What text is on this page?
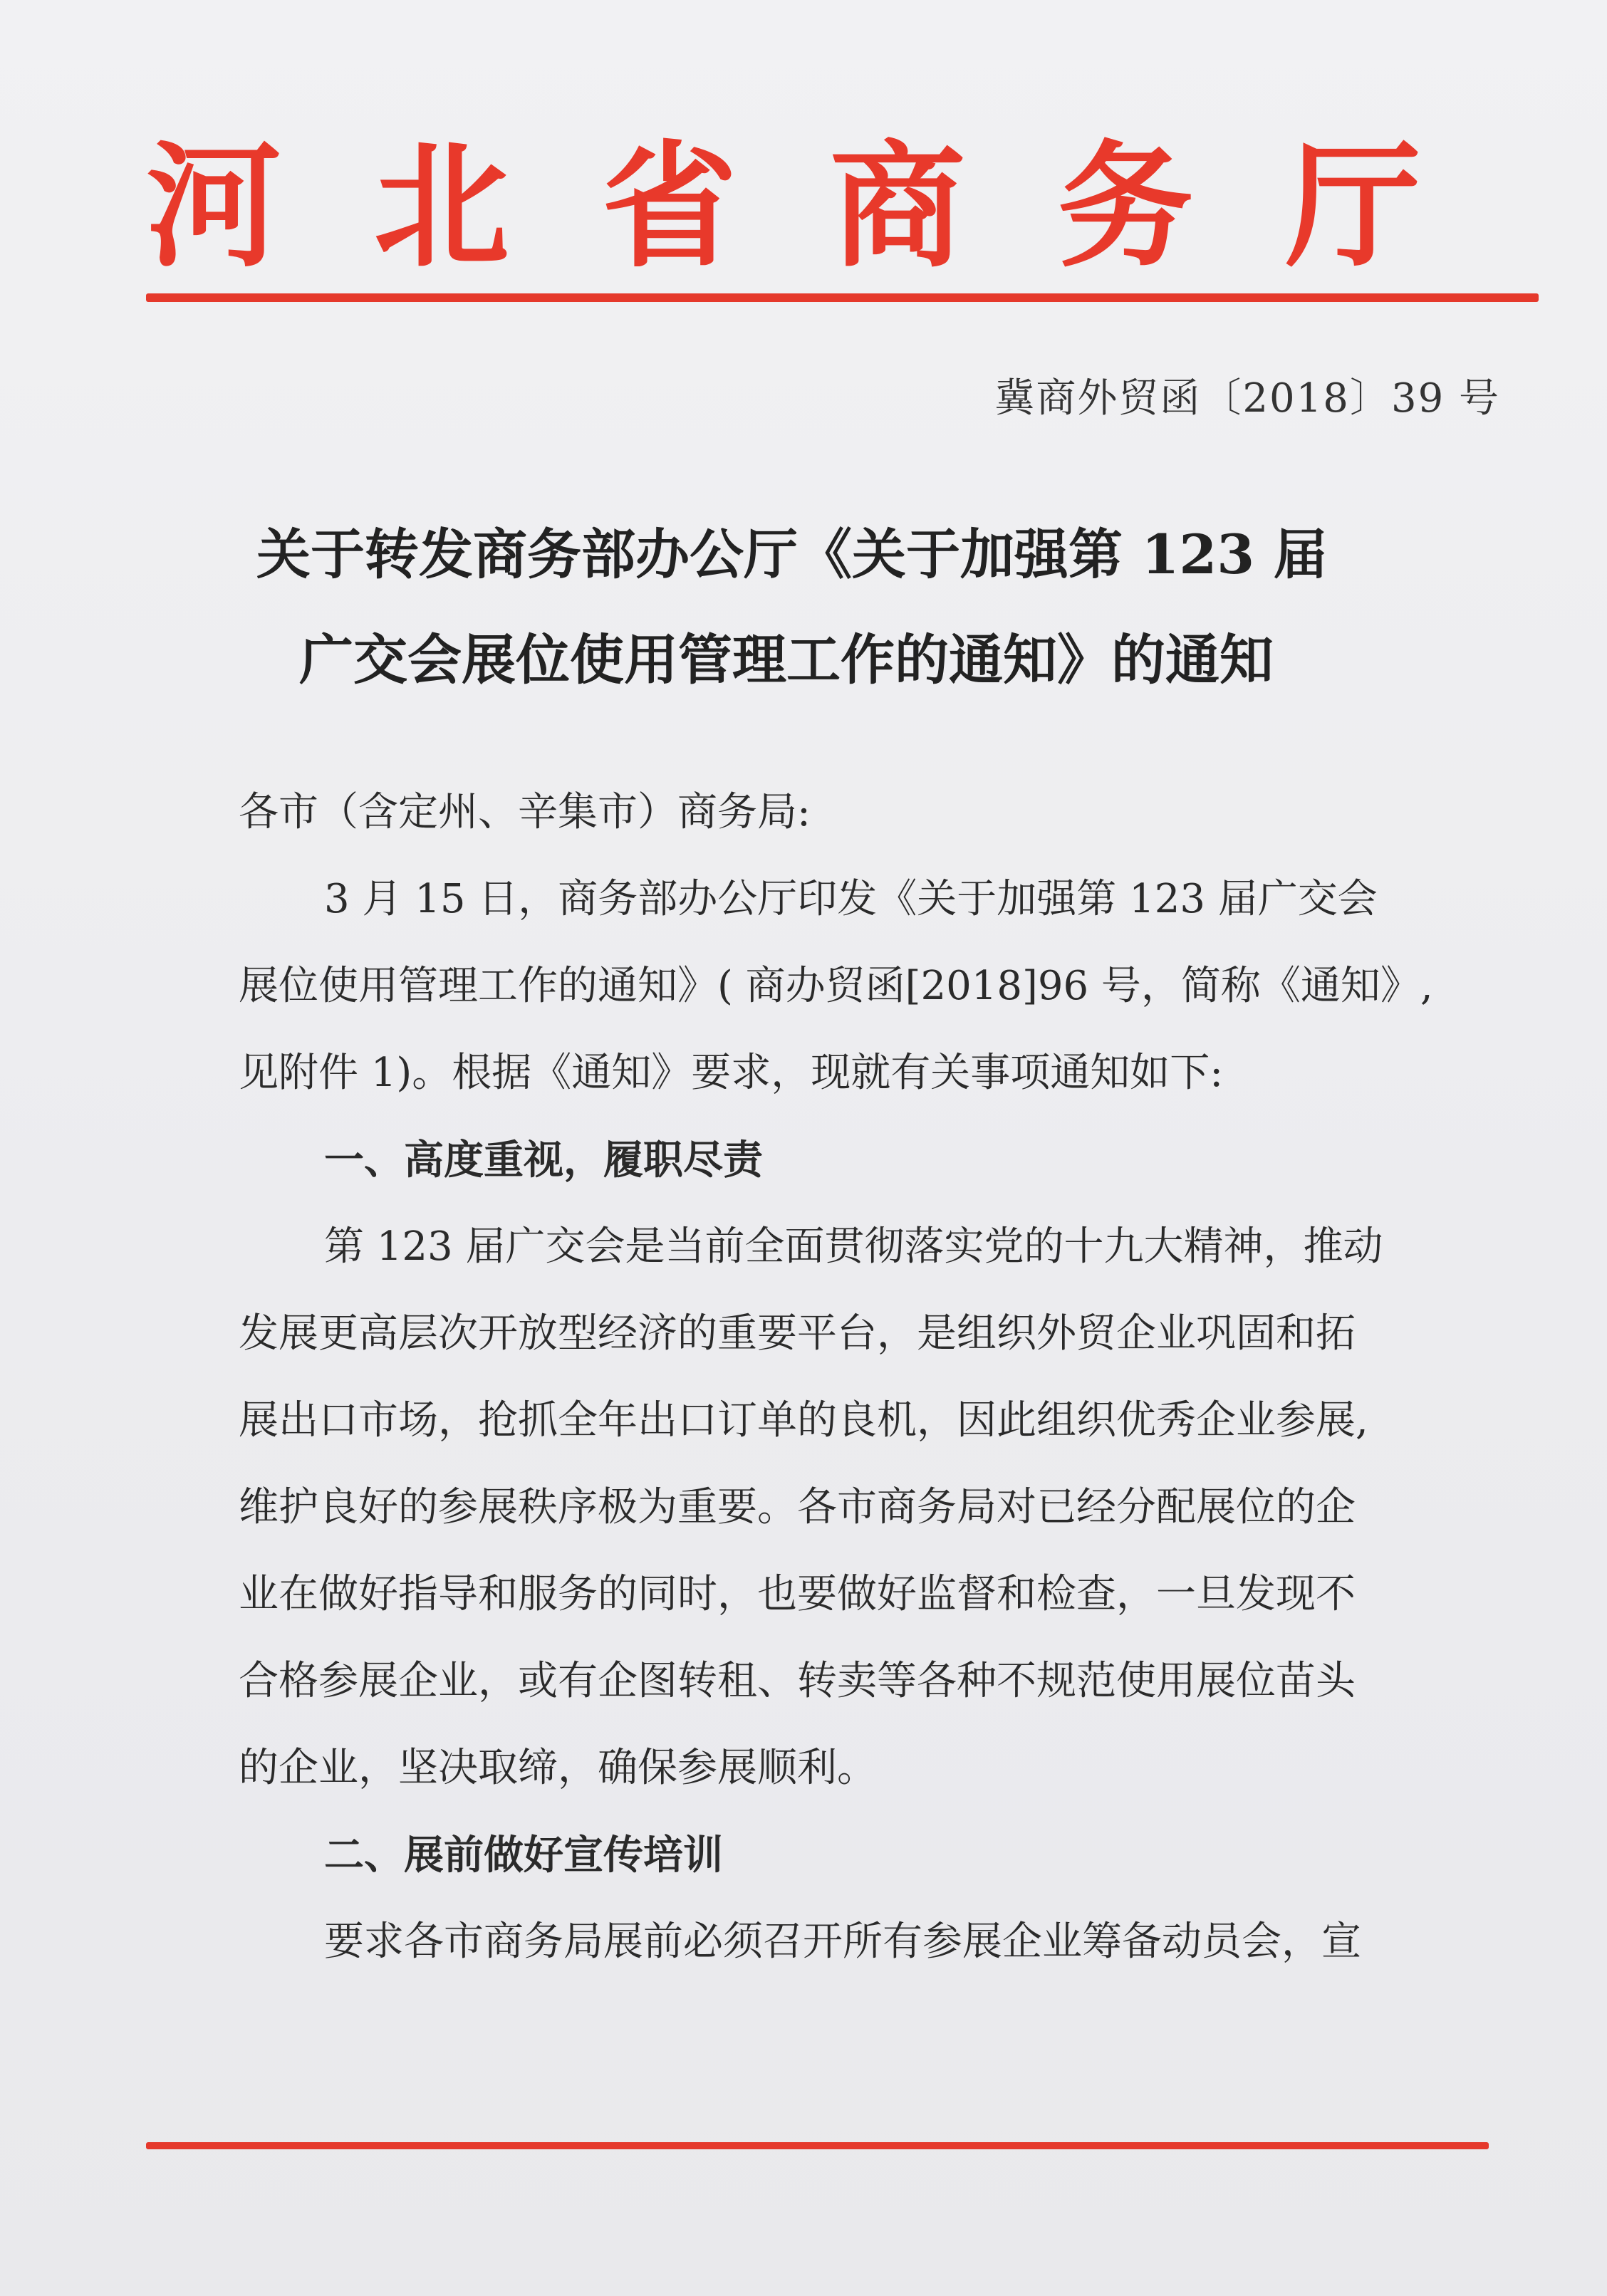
河 北 省 商 务 厅
冀商外贸函〔2018〕39 号
关于转发商务部办公厅《关于加强第 123 届
广交会展位使用管理工作的通知》的通知

各市（含定州、辛集市）商务局:

3 月 15 日，商务部办公厅印发《关于加强第 123 届广交会

展位使用管理工作的通知》( 商办贸函[2018]96 号，简称《通知》,

见附件 1)。根据《通知》要求，现就有关事项通知如下:

一、高度重视，履职尽责

第 123 届广交会是当前全面贯彻落实党的十九大精神，推动

发展更高层次开放型经济的重要平台，是组织外贸企业巩固和拓

展出口市场，抢抓全年出口订单的良机，因此组织优秀企业参展,

维护良好的参展秩序极为重要。各市商务局对已经分配展位的企

业在做好指导和服务的同时，也要做好监督和检查，一旦发现不

合格参展企业，或有企图转租、转卖等各种不规范使用展位苗头

的企业，坚决取缔，确保参展顺利。

二、展前做好宣传培训

要求各市商务局展前必须召开所有参展企业筹备动员会，宣
